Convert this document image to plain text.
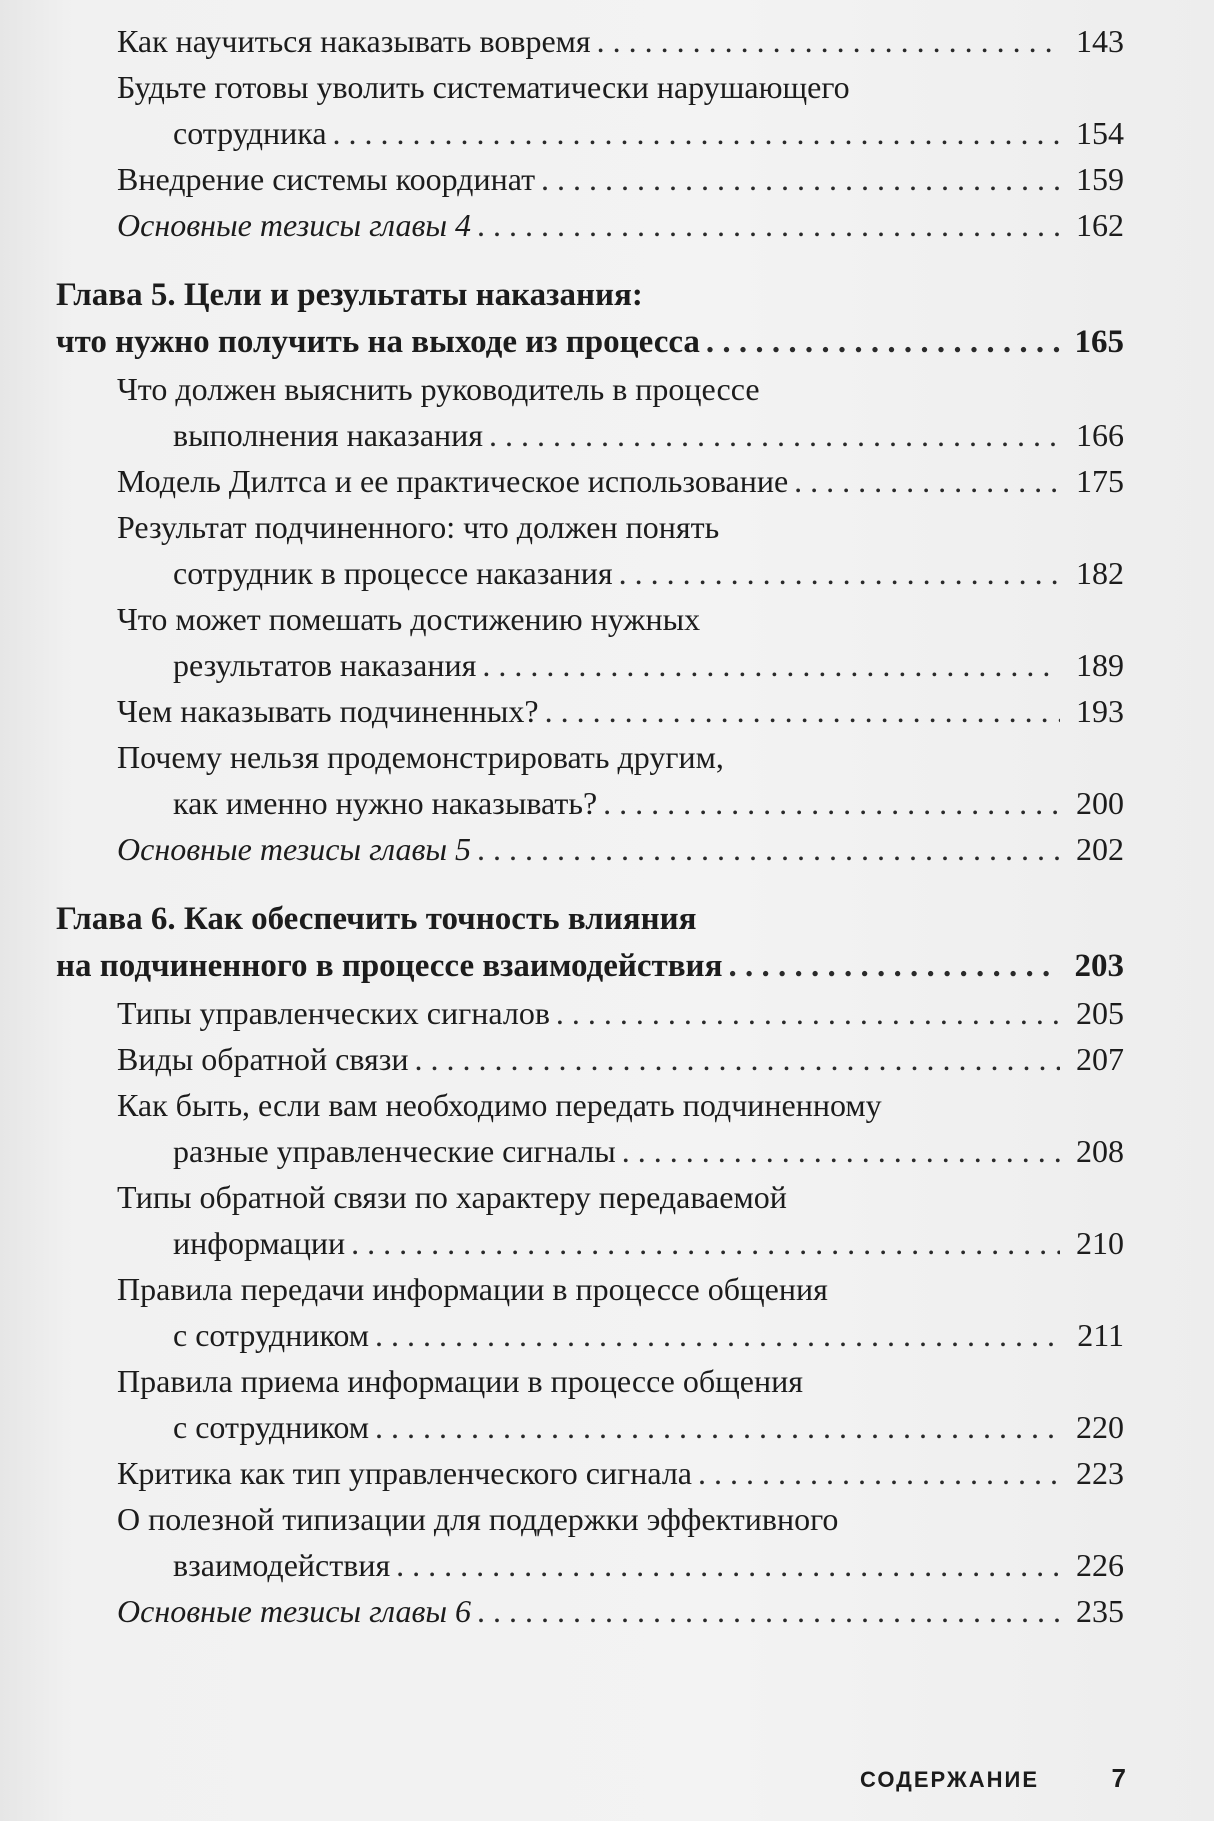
Как научиться наказывать вовремя . . .	143
Будьте готовы уволить систематически нарушающего
сотрудника . . .	154
Внедрение системы координат . . .	159
Основные тезисы главы 4 . . .	162
Глава 5. Цели и результаты наказания:
что нужно получить на выходе из процесса . . .	165
Что должен выяснить руководитель в процессе
выполнения наказания . . .	166
Модель Дилтса и ее практическое использование . . .	175
Результат подчиненного: что должен понять
сотрудник в процессе наказания . . .	182
Что может помешать достижению нужных
результатов наказания . . .	189
Чем наказывать подчиненных? . . .	193
Почему нельзя продемонстрировать другим,
как именно нужно наказывать? . . .	200
Основные тезисы главы 5 . . .	202
Глава 6. Как обеспечить точность влияния
на подчиненного в процессе взаимодействия . . .	203
Типы управленческих сигналов . . .	205
Виды обратной связи . . .	207
Как быть, если вам необходимо передать подчиненному
разные управленческие сигналы . . .	208
Типы обратной связи по характеру передаваемой
информации . . .	210
Правила передачи информации в процессе общения
с сотрудником . . .	211
Правила приема информации в процессе общения
с сотрудником . . .	220
Критика как тип управленческого сигнала . . .	223
О полезной типизации для поддержки эффективного
взаимодействия . . .	226
Основные тезисы главы 6 . . .	235
СОДЕРЖАНИЕ	7
